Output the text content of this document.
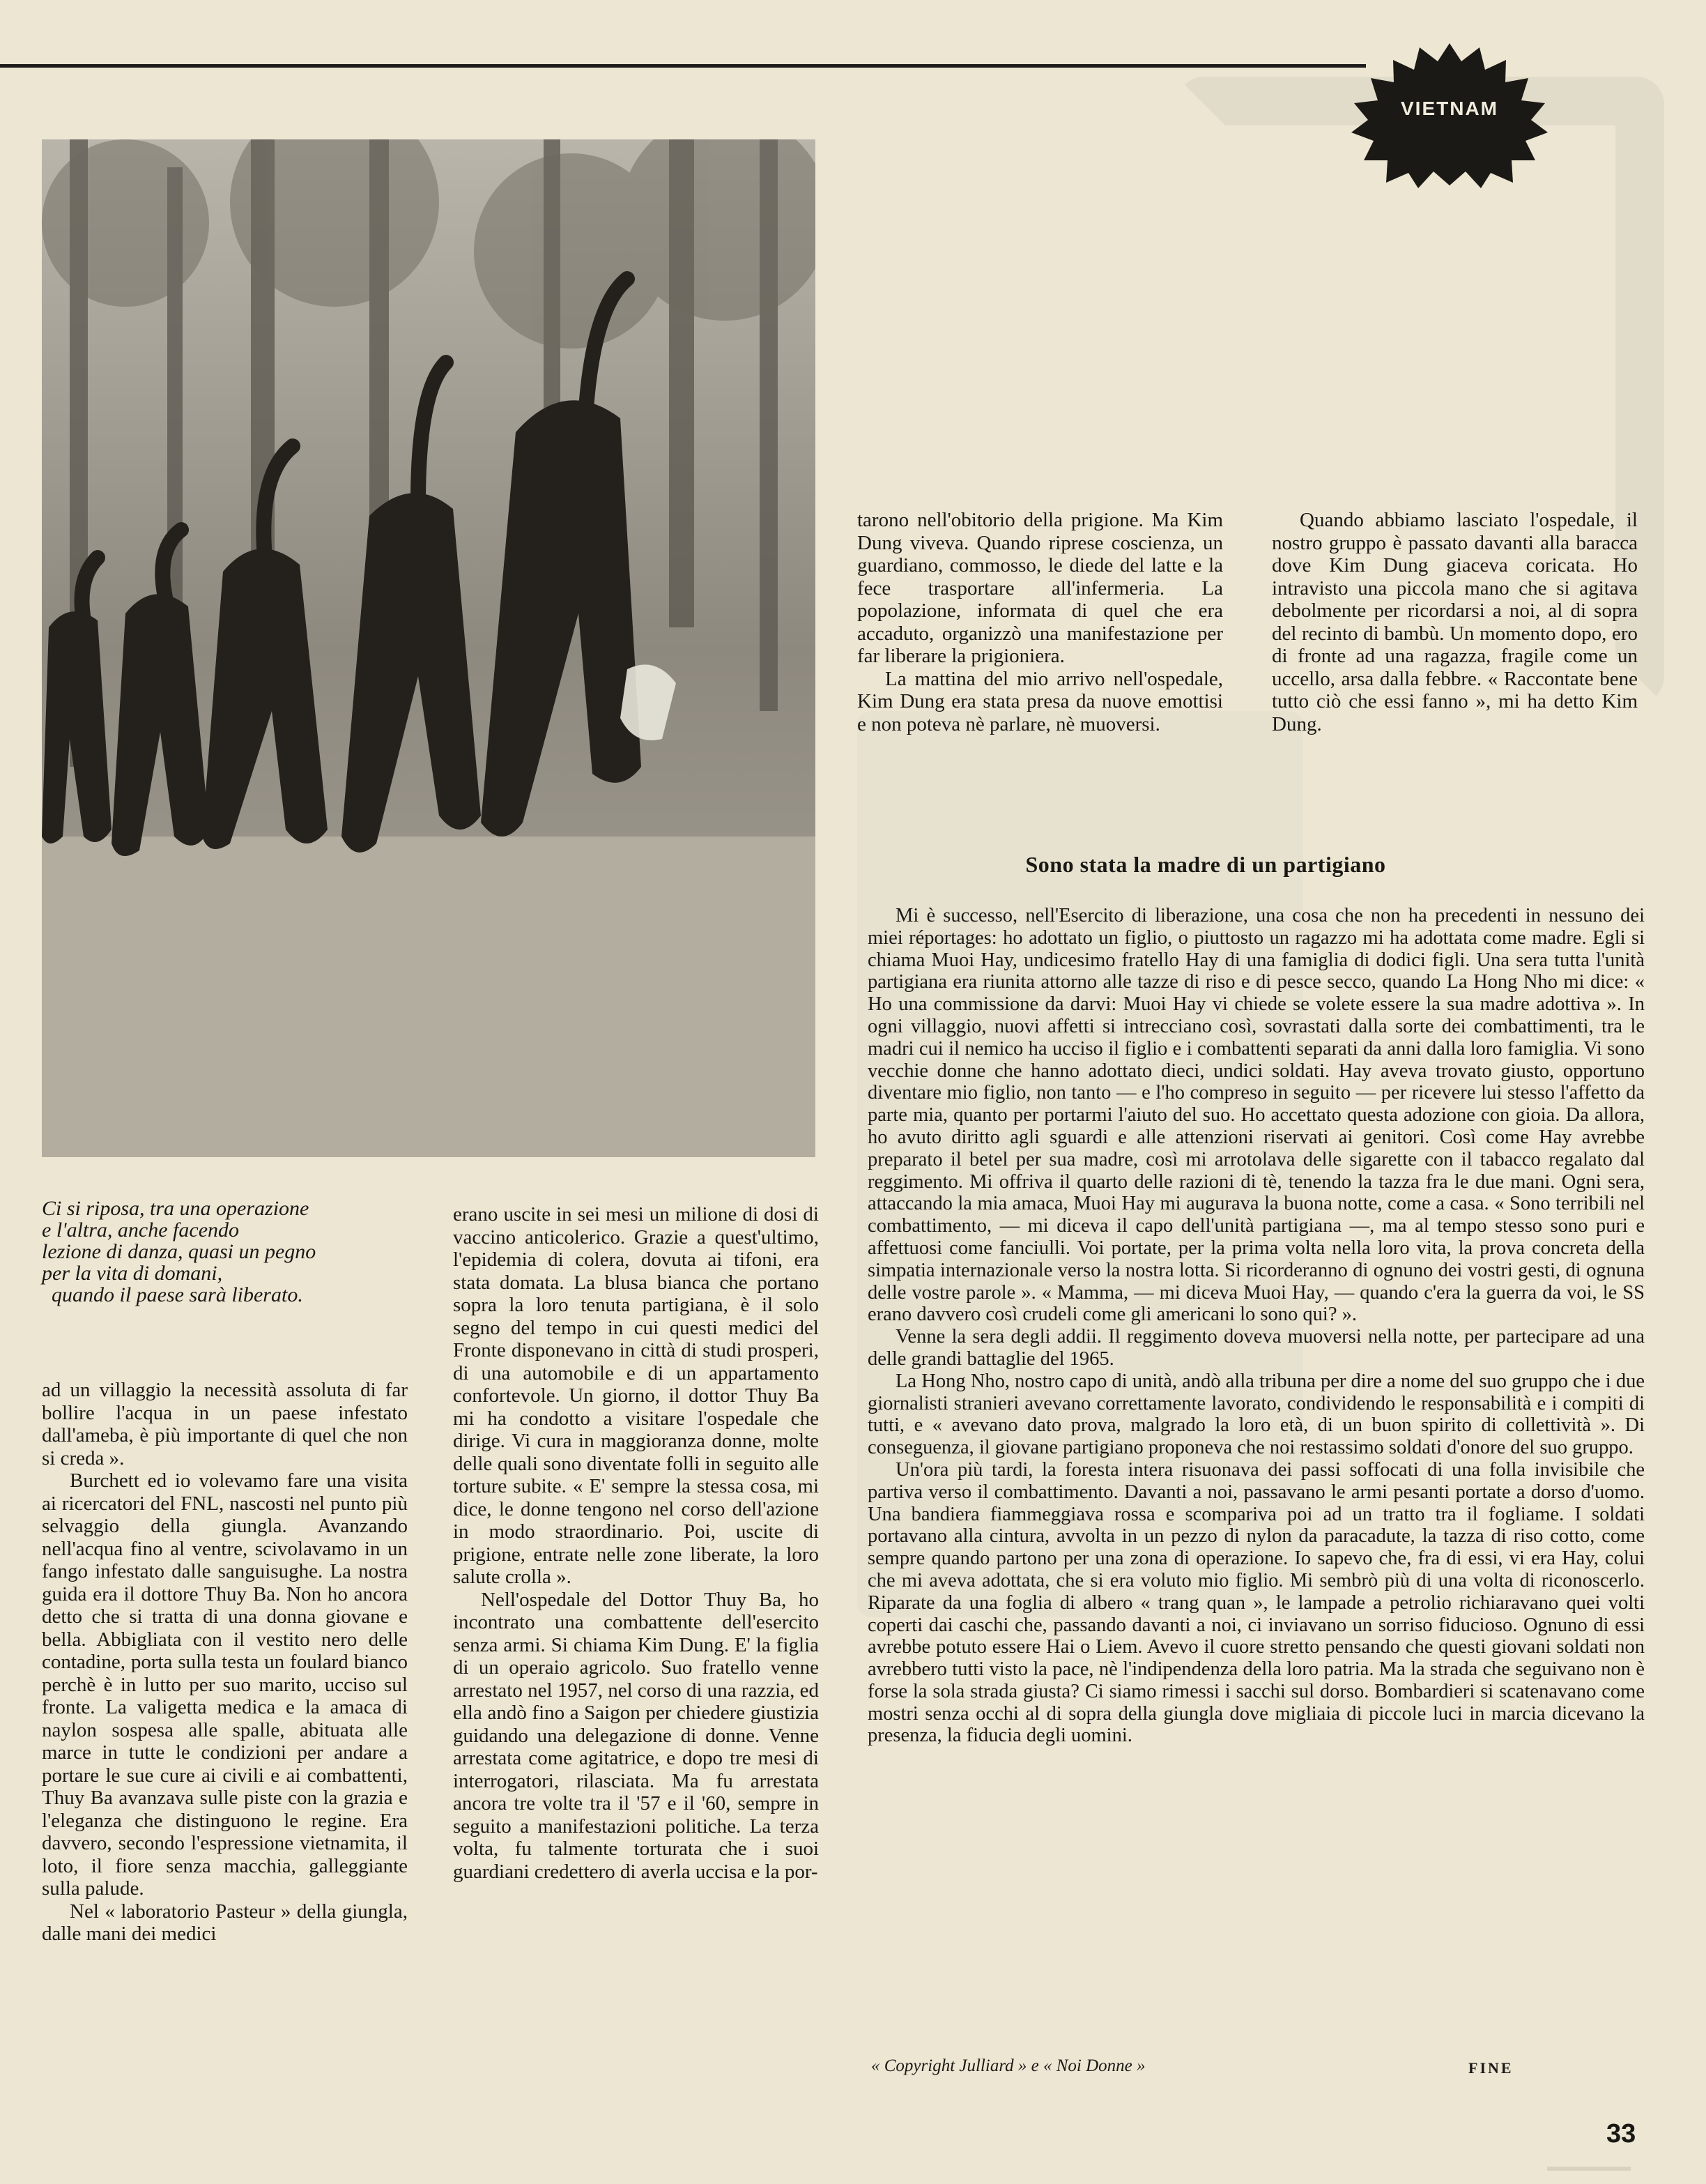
VIETNAM
Ci si riposa, tra una operazione
e l'altra, anche facendo
lezione di danza, quasi un pegno
per la vita di domani,
quando il paese sarà liberato.

tarono nell'obitorio della prigione. Ma Kim Dung viveva. Quando riprese coscienza, un guardiano, commosso, le diede del latte e la fece trasportare all'infermeria. La popolazione, informata di quel che era accaduto, organizzò una manifestazione per far liberare la prigioniera.

La mattina del mio arrivo nell'ospedale, Kim Dung era stata presa da nuove emottisi e non poteva nè parlare, nè muoversi.

Quando abbiamo lasciato l'ospedale, il nostro gruppo è passato davanti alla baracca dove Kim Dung giaceva coricata. Ho intravisto una piccola mano che si agitava debolmente per ricordarsi a noi, al di sopra del recinto di bambù. Un momento dopo, ero di fronte ad una ragazza, fragile come un uccello, arsa dalla febbre. « Raccontate bene tutto ciò che essi fanno », mi ha detto Kim Dung.

Sono stata la madre di un partigiano

ad un villaggio la necessità assoluta di far bollire l'acqua in un paese infestato dall'ameba, è più importante di quel che non si creda ».

Burchett ed io volevamo fare una visita ai ricercatori del FNL, nascosti nel punto più selvaggio della giungla. Avanzando nell'acqua fino al ventre, scivolavamo in un fango infestato dalle sanguisughe. La nostra guida era il dottore Thuy Ba. Non ho ancora detto che si tratta di una donna giovane e bella. Abbigliata con il vestito nero delle contadine, porta sulla testa un foulard bianco perchè è in lutto per suo marito, ucciso sul fronte. La valigetta medica e la amaca di naylon sospesa alle spalle, abituata alle marce in tutte le condizioni per andare a portare le sue cure ai civili e ai combattenti, Thuy Ba avanzava sulle piste con la grazia e l'eleganza che distinguono le regine. Era davvero, secondo l'espressione vietnamita, il loto, il fiore senza macchia, galleggiante sulla palude.

Nel « laboratorio Pasteur » della giungla, dalle mani dei medici

erano uscite in sei mesi un milione di dosi di vaccino anticolerico. Grazie a quest'ultimo, l'epidemia di colera, dovuta ai tifoni, era stata domata. La blusa bianca che portano sopra la loro tenuta partigiana, è il solo segno del tempo in cui questi medici del Fronte disponevano in città di studi prosperi, di una automobile e di un appartamento confortevole. Un giorno, il dottor Thuy Ba mi ha condotto a visitare l'ospedale che dirige. Vi cura in maggioranza donne, molte delle quali sono diventate folli in seguito alle torture subite. « E' sempre la stessa cosa, mi dice, le donne tengono nel corso dell'azione in modo straordinario. Poi, uscite di prigione, entrate nelle zone liberate, la loro salute crolla ».

Nell'ospedale del Dottor Thuy Ba, ho incontrato una combattente dell'esercito senza armi. Si chiama Kim Dung. E' la figlia di un operaio agricolo. Suo fratello venne arrestato nel 1957, nel corso di una razzia, ed ella andò fino a Saigon per chiedere giustizia guidando una delegazione di donne. Venne arrestata come agitatrice, e dopo tre mesi di interrogatori, rilasciata. Ma fu arrestata ancora tre volte tra il '57 e il '60, sempre in seguito a manifestazioni politiche. La terza volta, fu talmente torturata che i suoi guardiani credettero di averla uccisa e la por-

Mi è successo, nell'Esercito di liberazione, una cosa che non ha precedenti in nessuno dei miei réportages: ho adottato un figlio, o piuttosto un ragazzo mi ha adottata come madre. Egli si chiama Muoi Hay, undicesimo fratello Hay di una famiglia di dodici figli. Una sera tutta l'unità partigiana era riunita attorno alle tazze di riso e di pesce secco, quando La Hong Nho mi dice: « Ho una commissione da darvi: Muoi Hay vi chiede se volete essere la sua madre adottiva ». In ogni villaggio, nuovi affetti si intrecciano così, sovrastati dalla sorte dei combattimenti, tra le madri cui il nemico ha ucciso il figlio e i combattenti separati da anni dalla loro famiglia. Vi sono vecchie donne che hanno adottato dieci, undici soldati. Hay aveva trovato giusto, opportuno diventare mio figlio, non tanto — e l'ho compreso in seguito — per ricevere lui stesso l'affetto da parte mia, quanto per portarmi l'aiuto del suo. Ho accettato questa adozione con gioia. Da allora, ho avuto diritto agli sguardi e alle attenzioni riservati ai genitori. Così come Hay avrebbe preparato il betel per sua madre, così mi arrotolava delle sigarette con il tabacco regalato dal reggimento. Mi offriva il quarto delle razioni di tè, tenendo la tazza fra le due mani. Ogni sera, attaccando la mia amaca, Muoi Hay mi augurava la buona notte, come a casa. « Sono terribili nel combattimento, — mi diceva il capo dell'unità partigiana —, ma al tempo stesso sono puri e affettuosi come fanciulli. Voi portate, per la prima volta nella loro vita, la prova concreta della simpatia internazionale verso la nostra lotta. Si ricorderanno di ognuno dei vostri gesti, di ognuna delle vostre parole ». « Mamma, — mi diceva Muoi Hay, — quando c'era la guerra da voi, le SS erano davvero così crudeli come gli americani lo sono qui? ».

Venne la sera degli addii. Il reggimento doveva muoversi nella notte, per partecipare ad una delle grandi battaglie del 1965.

La Hong Nho, nostro capo di unità, andò alla tribuna per dire a nome del suo gruppo che i due giornalisti stranieri avevano correttamente lavorato, condividendo le responsabilità e i compiti di tutti, e « avevano dato prova, malgrado la loro età, di un buon spirito di collettività ». Di conseguenza, il giovane partigiano proponeva che noi restassimo soldati d'onore del suo gruppo.

Un'ora più tardi, la foresta intera risuonava dei passi soffocati di una folla invisibile che partiva verso il combattimento. Davanti a noi, passavano le armi pesanti portate a dorso d'uomo. Una bandiera fiammeggiava rossa e scompariva poi ad un tratto tra il fogliame. I soldati portavano alla cintura, avvolta in un pezzo di nylon da paracadute, la tazza di riso cotto, come sempre quando partono per una zona di operazione. Io sapevo che, fra di essi, vi era Hay, colui che mi aveva adottata, che si era voluto mio figlio. Mi sembrò più di una volta di riconoscerlo. Riparate da una foglia di albero « trang quan », le lampade a petrolio richiaravano quei volti coperti dai caschi che, passando davanti a noi, ci inviavano un sorriso fiducioso. Ognuno di essi avrebbe potuto essere Hai o Liem. Avevo il cuore stretto pensando che questi giovani soldati non avrebbero tutti visto la pace, nè l'indipendenza della loro patria. Ma la strada che seguivano non è forse la sola strada giusta? Ci siamo rimessi i sacchi sul dorso. Bombardieri si scatenavano come mostri senza occhi al di sopra della giungla dove migliaia di piccole luci in marcia dicevano la presenza, la fiducia degli uomini.

« Copyright Julliard » e « Noi Donne »	FINE
33
